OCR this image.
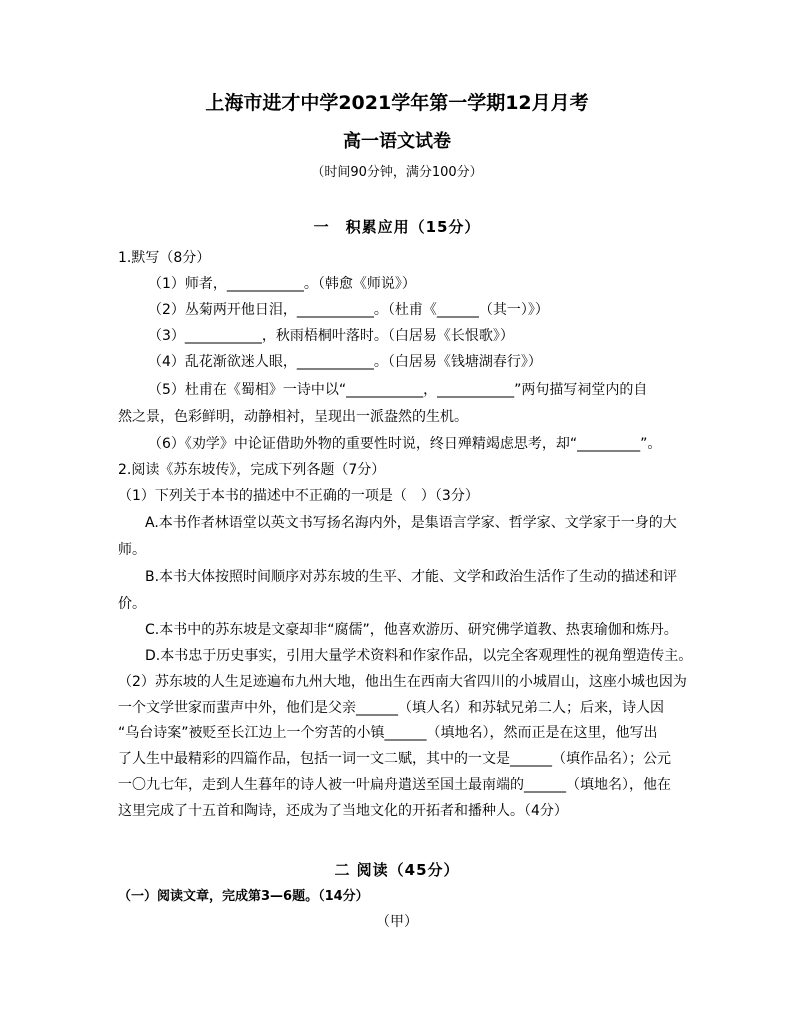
上海市进才中学2021学年第一学期12月月考
高一语文试卷
（时间90分钟，满分100分）
一　积累应用（15分）
1.默写（8分）
（1）师者，___________。（韩愈《师说》）
（2）丛菊两开他日泪，___________。（杜甫《______（其一）》）
（3）___________，秋雨梧桐叶落时。（白居易《长恨歌》）
（4）乱花渐欲迷人眼，___________。（白居易《钱塘湖春行》）
（5）杜甫在《蜀相》一诗中以“___________，___________”两句描写祠堂内的自
然之景，色彩鲜明，动静相衬，呈现出一派盎然的生机。
（6）《劝学》中论证借助外物的重要性时说，终日殚精竭虑思考，却“_________”。
2.阅读《苏东坡传》，完成下列各题（7分）
（1）下列关于本书的描述中不正确的一项是（　）（3分）
A.本书作者林语堂以英文书写扬名海内外，是集语言学家、哲学家、文学家于一身的大
师。
B.本书大体按照时间顺序对苏东坡的生平、才能、文学和政治生活作了生动的描述和评
价。
C.本书中的苏东坡是文豪却非“腐儒”，他喜欢游历、研究佛学道教、热衷瑜伽和炼丹。
D.本书忠于历史事实，引用大量学术资料和作家作品，以完全客观理性的视角塑造传主。
（2）苏东坡的人生足迹遍布九州大地，他出生在西南大省四川的小城眉山，这座小城也因为
一个文学世家而蜚声中外，他们是父亲______（填人名）和苏轼兄弟二人；后来，诗人因
“乌台诗案”被贬至长江边上一个穷苦的小镇______（填地名），然而正是在这里，他写出
了人生中最精彩的四篇作品，包括一词一文二赋，其中的一文是______（填作品名）；公元
一〇九七年，走到人生暮年的诗人被一叶扁舟遣送至国土最南端的______（填地名），他在
这里完成了十五首和陶诗，还成为了当地文化的开拓者和播种人。（4分）
二 阅读（45分）
（一）阅读文章，完成第3—6题。（14分）
（甲）
